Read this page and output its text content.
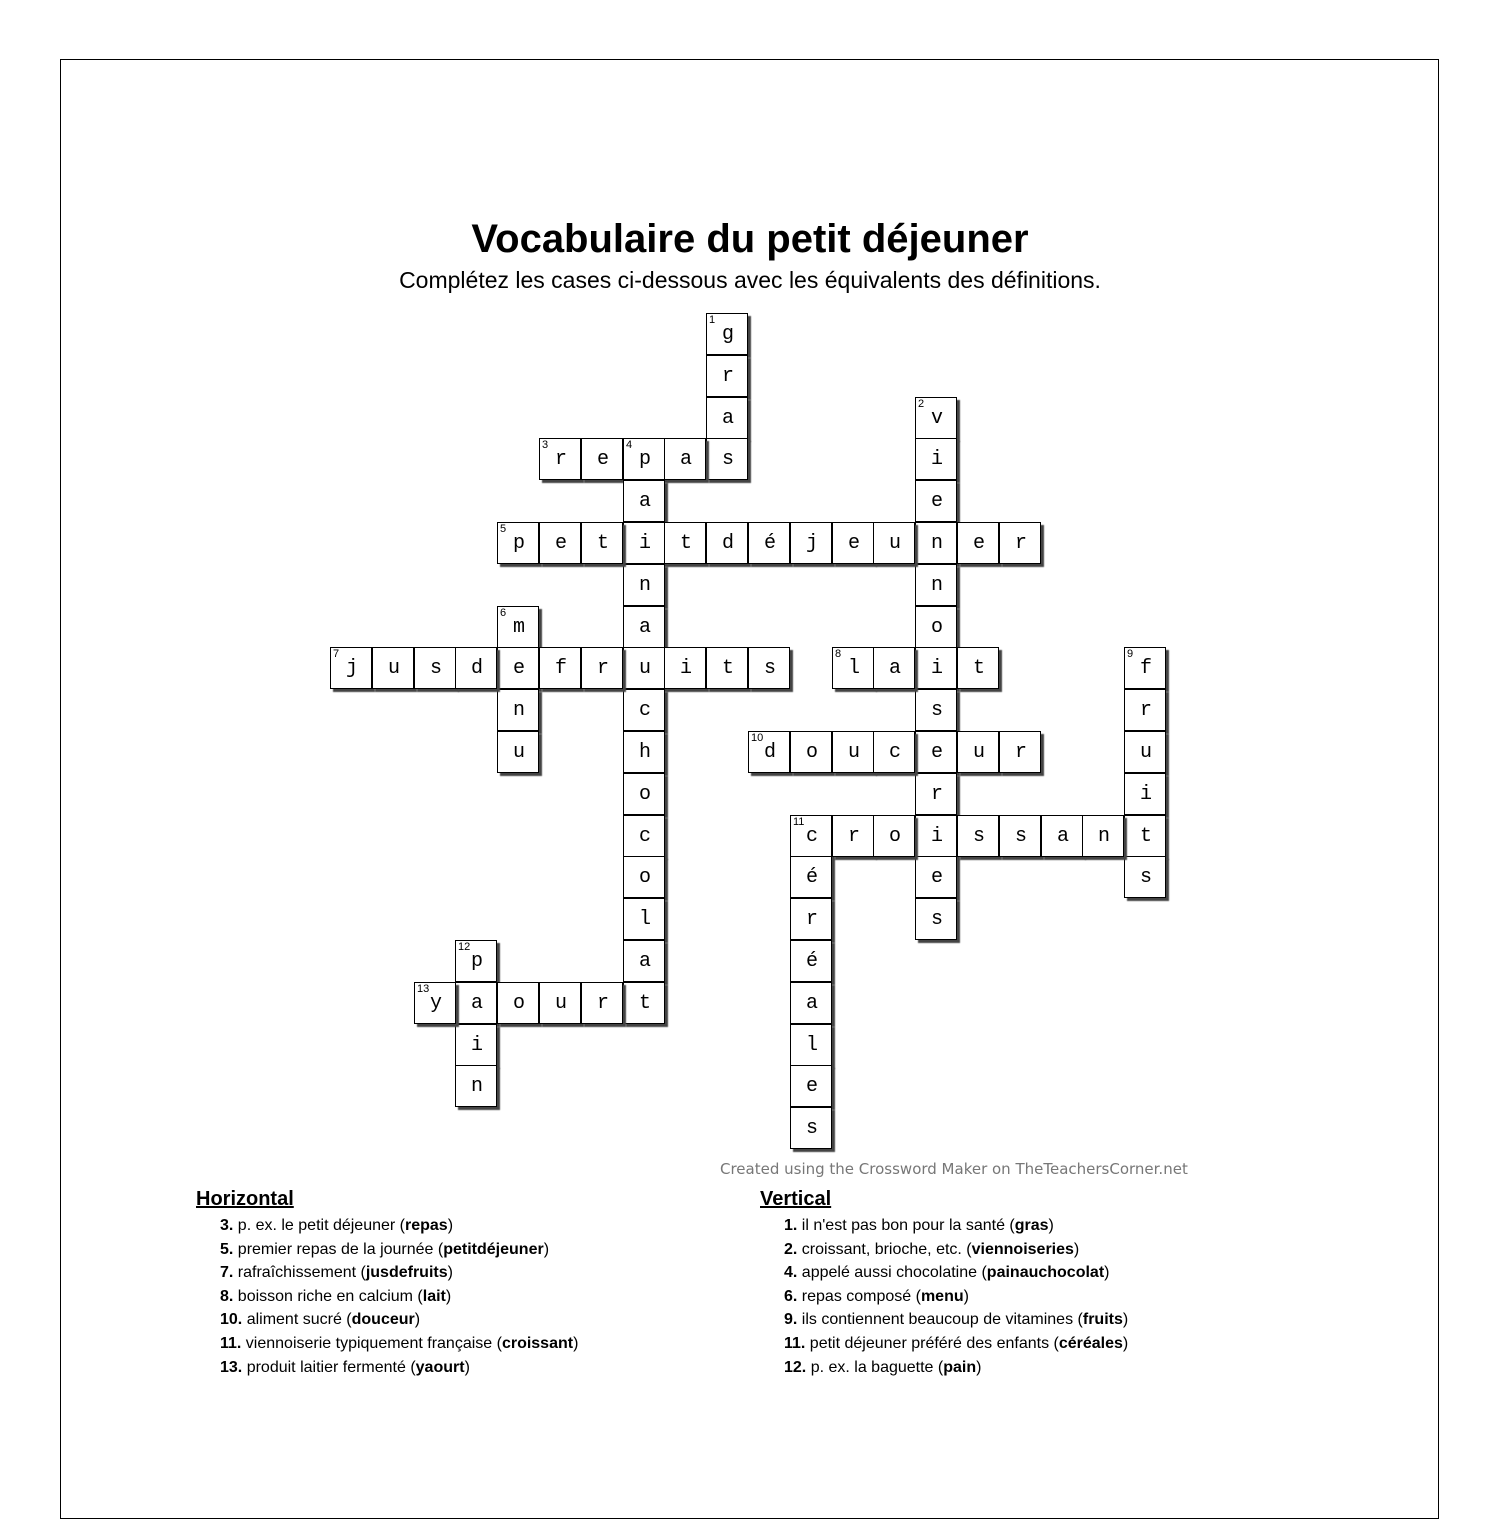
Vocabulaire du petit déjeuner
Complétez les cases ci-dessous avec les équivalents des définitions.
1
g
r
a
s
2
v
i
e
n
n
o
i
s
e
r
i
e
s
3
r	e
4
p	a
a
i
n
a
u
c
h
o
c
o
l
a
t
5
p	e	t	t	d	é	j	e	u	e	r
6
m
e
n
u
7
j	u	s	d	f	r	i	t	s
8
l	a	t
9
f
r
u
i
t
s
10
d	o	u	c	u	r
11
c	r	o	s	s	a	n
é
r
é
a
l
e
s
12
p
a
i
n
13
y	o	u	r
Created using the Crossword Maker on TheTeachersCorner.net
Horizontal
3. p. ex. le petit déjeuner (repas)
5. premier repas de la journée (petitdéjeuner)
7. rafraîchissement (jusdefruits)
8. boisson riche en calcium (lait)
10. aliment sucré (douceur)
11. viennoiserie typiquement française (croissant)
13. produit laitier fermenté (yaourt)
Vertical
1. il n'est pas bon pour la santé (gras)
2. croissant, brioche, etc. (viennoiseries)
4. appelé aussi chocolatine (painauchocolat)
6. repas composé (menu)
9. ils contiennent beaucoup de vitamines (fruits)
11. petit déjeuner préféré des enfants (céréales)
12. p. ex. la baguette (pain)
